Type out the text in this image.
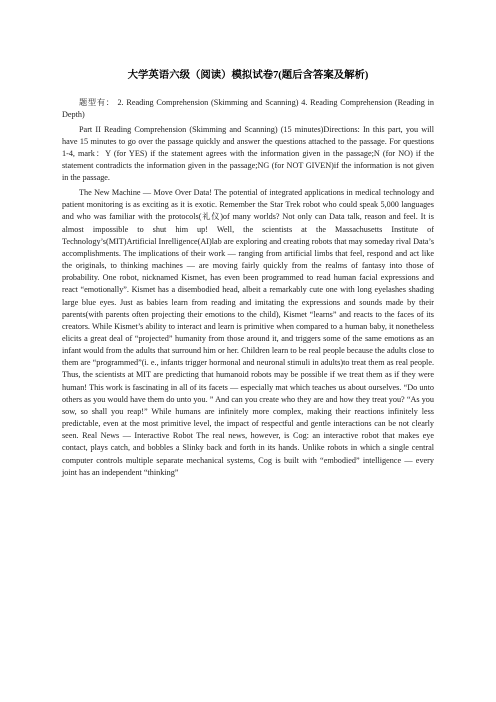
大学英语六级（阅读）模拟试卷7(题后含答案及解析)

题型有： 2. Reading Comprehension (Skimming and Scanning) 4. Reading Comprehension (Reading in Depth)

Part II Reading Comprehension (Skimming and Scanning) (15 minutes)Directions: In this part, you will have 15 minutes to go over the passage quickly and answer the questions attached to the passage. For questions 1-4, mark：Y (for YES) if the statement agrees with the information given in the passage;N (for NO) if the statement contradicts the information given in the passage;NG (for NOT GIVEN)if the information is not given in the passage.

The New Machine — Move Over Data! The potential of integrated applications in medical technology and patient monitoring is as exciting as it is exotic. Remember the Star Trek robot who could speak 5,000 languages and who was familiar with the protocols(礼仪)of many worlds? Not only can Data talk, reason and feel. It is almost impossible to shut him up! Well, the scientists at the Massachusetts Institute of Technology’s(MIT)Artificial Inrelligence(AI)lab are exploring and creating robots that may someday rival Data’s accomplishments. The implications of their work — ranging from artificial limbs that feel, respond and act like the originals, to thinking machines — are moving fairly quickly from the realms of fantasy into those of probability. One robot, nicknamed Kismet, has even been programmed to read human facial expressions and react “emotionally”. Kismet has a disembodied head, albeit a remarkably cute one with long eyelashes shading large blue eyes. Just as babies learn from reading and imitating the expressions and sounds made by their parents(with parents often projecting their emotions to the child), Kismet “learns” and reacts to the faces of its creators. While Kismet’s ability to interact and learn is primitive when compared to a human baby, it nonetheless elicits a great deal of “projected” humanity from those around it, and triggers some of the same emotions as an infant would from the adults that surround him or her. Children learn to be real people because the adults close to them are “programmed”(i. e., infants trigger hormonal and neuronal stimuli in adults)to treat them as real people. Thus, the scientists at MIT are predicting that humanoid robots may be possible if we treat them as if they were human! This work is fascinating in all of its facets — especially mat which teaches us about ourselves. “Do unto others as you would have them do unto you. ” And can you create who they are and how they treat you? “As you sow, so shall you reap!” While humans are infinitely more complex, making their reactions infinitely less predictable, even at the most primitive level, the impact of respectful and gentle interactions can be not clearly seen. Real News — Interactive Robot The real news, however, is Cog: an interactive robot that makes eye contact, plays catch, and bobbles a Slinky back and forth in its hands. Unlike robots in which a single central computer controls multiple separate mechanical systems, Cog is built with “embodied” intelligence — every joint has an independent “thinking”
